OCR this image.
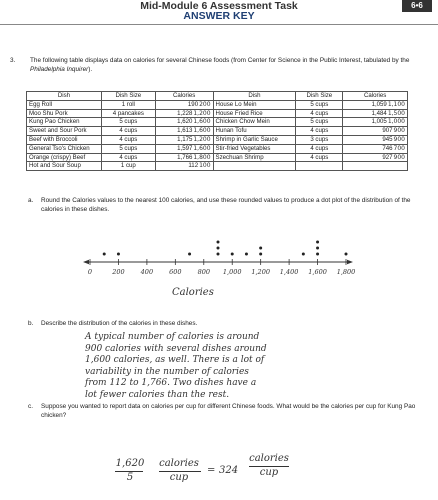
Mid-Module 6 Assessment Task
ANSWER KEY
6•6
3. The following table displays data on calories for several Chinese foods (from Center for Science in the Public Interest, tabulated by the Philadelphia Inquirer).
Dish	Dish Size	Calories	Dish	Dish Size	Calories
Egg Roll	1 roll	190200	House Lo Mein	5 cups	1,0591,100
Moo Shu Pork	4 pancakes	1,2281,200	House Fried Rice	4 cups	1,4841,500
Kung Pao Chicken	5 cups	1,6201,600	Chicken Chow Mein	5 cups	1,0051,000
Sweet and Sour Pork	4 cups	1,6131,600	Hunan Tofu	4 cups	907900
Beef with Broccoli	4 cups	1,1751,200	Shrimp in Garlic Sauce	3 cups	945900
General Tso's Chicken	5 cups	1,5971,600	Stir-fried Vegetables	4 cups	746700
Orange (crispy) Beef	4 cups	1,7661,800	Szechuan Shrimp	4 cups	927900
Hot and Sour Soup	1 cup	112100			
a. Round the Calories values to the nearest 100 calories, and use these rounded values to produce a dot plot of the distribution of the calories in these dishes.
0	200 400 600 800 1,000 1,200 1,400 1,600 1,800
Calories
b. Describe the distribution of the calories in these dishes.
A typical number of calories is around
900 calories with several dishes around
1,600 calories, as well. There is a lot of
variability in the number of calories
from 112 to 1,766. Two dishes have a
lot fewer calories than the rest.
c. Suppose you wanted to report data on calories per cup for different Chinese foods. What would be the calories per cup for Kung Pao chicken?
1,620
5
calories
cup
= 324
calories
cup
